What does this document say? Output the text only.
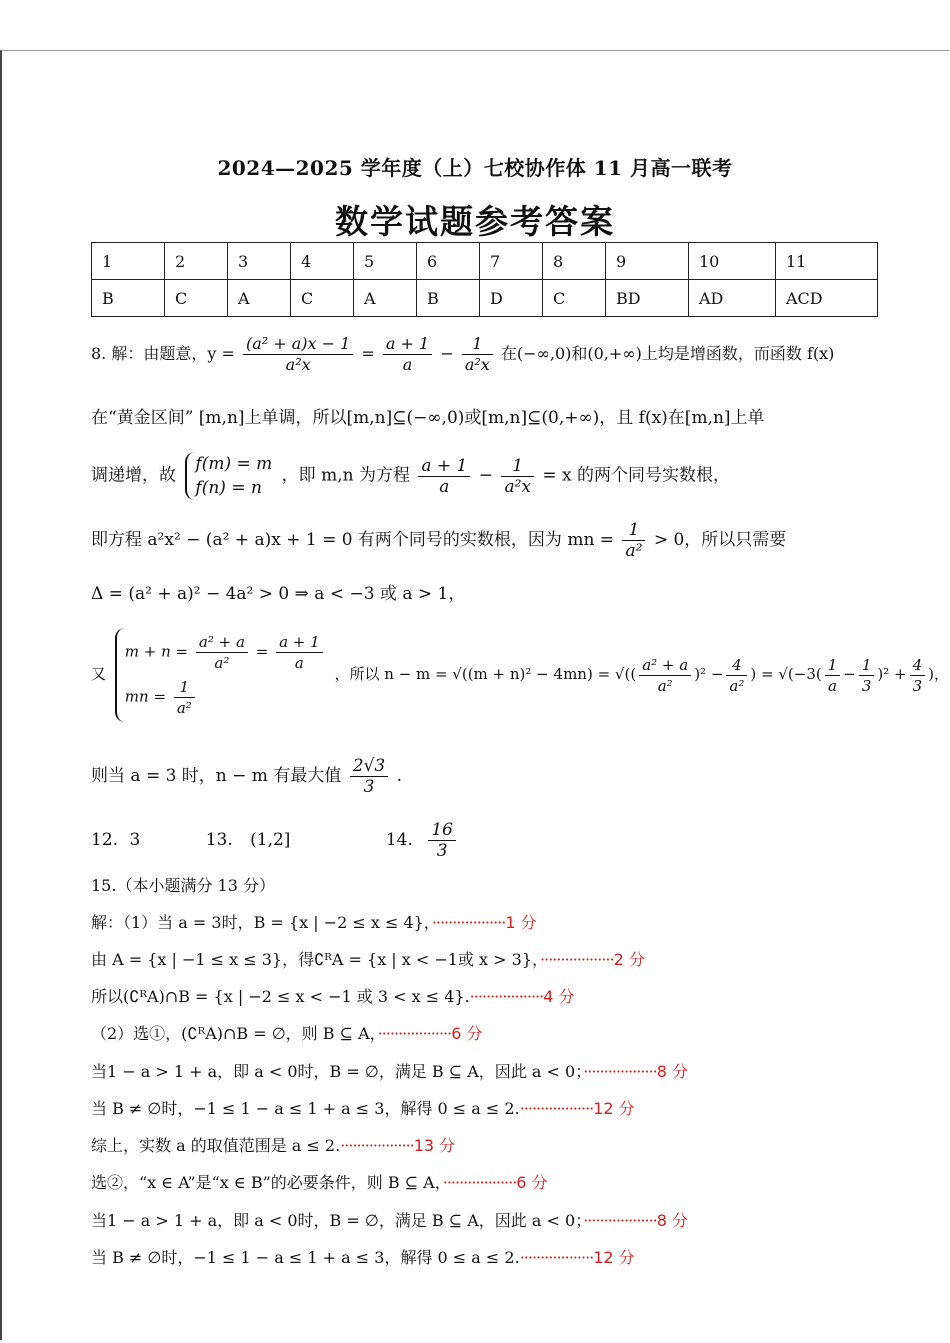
2024—2025 学年度（上）七校协作体 11 月高一联考
数学试题参考答案
1	2	3	4	5	6	7	8	9	10	11
B	C	A	C	A	B	D	C	BD	AD	ACD
8. 解：由题意，$y = \frac{\text{(a² + a)x − 1}}{\text{a²x}} = \frac{a + 1}{a} - \frac{1}{\text{a²x}}$ 在(−∞,0)和(0,+∞)上均是增函数，而函数 f(x)
在“黄金区间” [m,n]上单调，所以[m,n]⊆(−∞,0)或[m,n]⊆(0,+∞)，且 f(x)在[m,n]上单
调递增，故
f(m) = m
f(n) = n
，即 m,n 为方程 $\frac{a + 1}{a} - \frac{1}{\text{a²x}} = x$ 的两个同号实数根，
即方程 a²x² − (a² + a)x + 1 = 0 有两个同号的实数根，因为 mn = $\frac{1}{\text{a²}} > 0$，所以只需要
Δ = (a² + a)² − 4a² > 0 ⇒ a < −3 或 a > 1，
又
$m + n = \frac{\text{a² + a}}{\text{a²}} = \frac{a + 1}{a}$
mn = $\frac{1}{\text{a²}}$
，所以 n − m = √((m + n)² − 4mn) = √(( $\frac{\text{a² + a}}{\text{a²}} )^2 - \frac{4}{\text{a²}}$ ) = $√(-3( \frac{1}{a} - \frac{1}{3} )^2 + \frac{4}{3}$ )，
则当 a = 3 时，n − m 有最大值 $\frac{2√3}{3}$ .
12. 3	13. (1,2]	14. $\frac{16}{3}$
15.（本小题满分 13 分）
解：（1）当 a = 3时，B = {x | −2 ≤ x ≤ 4}，··················1 分
由 A = {x | −1 ≤ x ≤ 3}，得∁ᴿA = {x | x < −1或 x > 3}，··················2 分
所以(∁ᴿA)∩B = {x | −2 ≤ x < −1 或 3 < x ≤ 4}.··················4 分
（2）选①，(∁ᴿA)∩B = ∅，则 B ⊆ A，··················6 分
当1 − a > 1 + a，即 a < 0时，B = ∅，满足 B ⊆ A，因此 a < 0；··················8 分
当 B ≠ ∅时，−1 ≤ 1 − a ≤ 1 + a ≤ 3，解得 0 ≤ a ≤ 2.··················12 分
综上，实数 a 的取值范围是 a ≤ 2.··················13 分
选②，“x ∈ A”是“x ∈ B”的必要条件，则 B ⊆ A，··················6 分
当1 − a > 1 + a，即 a < 0时，B = ∅，满足 B ⊆ A，因此 a < 0；··················8 分
当 B ≠ ∅时，−1 ≤ 1 − a ≤ 1 + a ≤ 3，解得 0 ≤ a ≤ 2.··················12 分
